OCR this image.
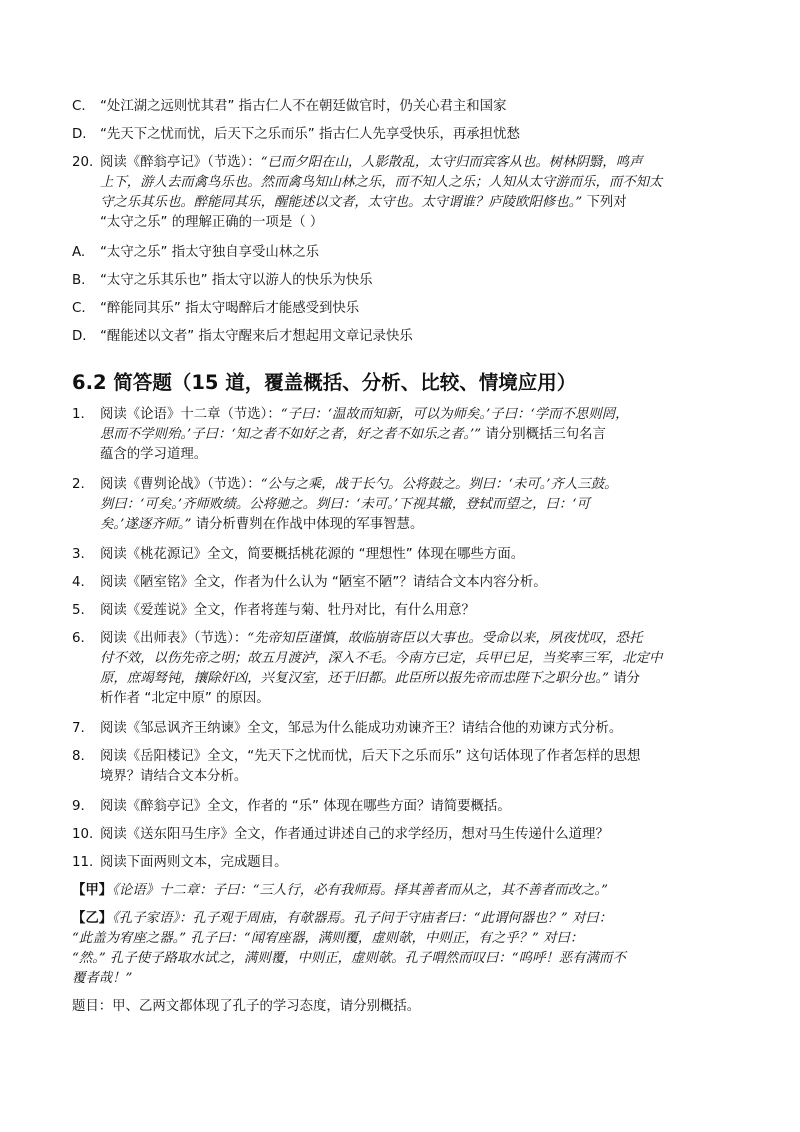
C. “处江湖之远则忧其君” 指古仁人不在朝廷做官时，仍关心君主和国家
D. “先天下之忧而忧，后天下之乐而乐” 指古仁人先享受快乐，再承担忧愁
20. 阅读《醉翁亭记》（节选）：“已而夕阳在山，人影散乱，太守归而宾客从也。树林阴翳，鸣声
上下，游人去而禽鸟乐也。然而禽鸟知山林之乐，而不知人之乐；人知从太守游而乐，而不知太
守之乐其乐也。醉能同其乐，醒能述以文者，太守也。太守谓谁？庐陵欧阳修也。” 下列对
“太守之乐” 的理解正确的一项是（ ）
A. “太守之乐” 指太守独自享受山林之乐
B. “太守之乐其乐也” 指太守以游人的快乐为快乐
C. “醉能同其乐” 指太守喝醉后才能感受到快乐
D. “醒能述以文者” 指太守醒来后才想起用文章记录快乐
6.2 简答题（15 道，覆盖概括、分析、比较、情境应用）
1. 阅读《论语》十二章（节选）：“子曰：‘温故而知新，可以为师矣。’子曰：‘学而不思则罔，
思而不学则殆。’子曰：‘知之者不如好之者，好之者不如乐之者。’” 请分别概括三句名言
蕴含的学习道理。
2. 阅读《曹刿论战》（节选）：“公与之乘，战于长勺。公将鼓之。刿曰：‘未可。’齐人三鼓。
刿曰：‘可矣。’齐师败绩。公将驰之。刿曰：‘未可。’下视其辙，登轼而望之，曰：‘可
矣。’遂逐齐师。” 请分析曹刿在作战中体现的军事智慧。
3. 阅读《桃花源记》全文，简要概括桃花源的 “理想性” 体现在哪些方面。
4. 阅读《陋室铭》全文，作者为什么认为 “陋室不陋”？请结合文本内容分析。
5. 阅读《爱莲说》全文，作者将莲与菊、牡丹对比，有什么用意？
6. 阅读《出师表》（节选）：“先帝知臣谨慎，故临崩寄臣以大事也。受命以来，夙夜忧叹，恐托
付不效，以伤先帝之明；故五月渡泸，深入不毛。今南方已定，兵甲已足，当奖率三军，北定中
原，庶竭驽钝，攘除奸凶，兴复汉室，还于旧都。此臣所以报先帝而忠陛下之职分也。” 请分
析作者 “北定中原” 的原因。
7. 阅读《邹忌讽齐王纳谏》全文，邹忌为什么能成功劝谏齐王？请结合他的劝谏方式分析。
8. 阅读《岳阳楼记》全文，“先天下之忧而忧，后天下之乐而乐” 这句话体现了作者怎样的思想
境界？请结合文本分析。
9. 阅读《醉翁亭记》全文，作者的 “乐” 体现在哪些方面？请简要概括。
10. 阅读《送东阳马生序》全文，作者通过讲述自己的求学经历，想对马生传递什么道理？
11. 阅读下面两则文本，完成题目。
【甲】《论语》十二章：子曰：“三人行，必有我师焉。择其善者而从之，其不善者而改之。”
【乙】《孔子家语》：孔子观于周庙，有欹器焉。孔子问于守庙者曰：“此谓何器也？” 对曰：
“此盖为宥座之器。” 孔子曰：“闻宥座器，满则覆，虚则欹，中则正，有之乎？” 对曰：
“然。” 孔子使子路取水试之，满则覆，中则正，虚则欹。孔子喟然而叹曰：“呜呼！恶有满而不
覆者哉！”
题目：甲、乙两文都体现了孔子的学习态度，请分别概括。
